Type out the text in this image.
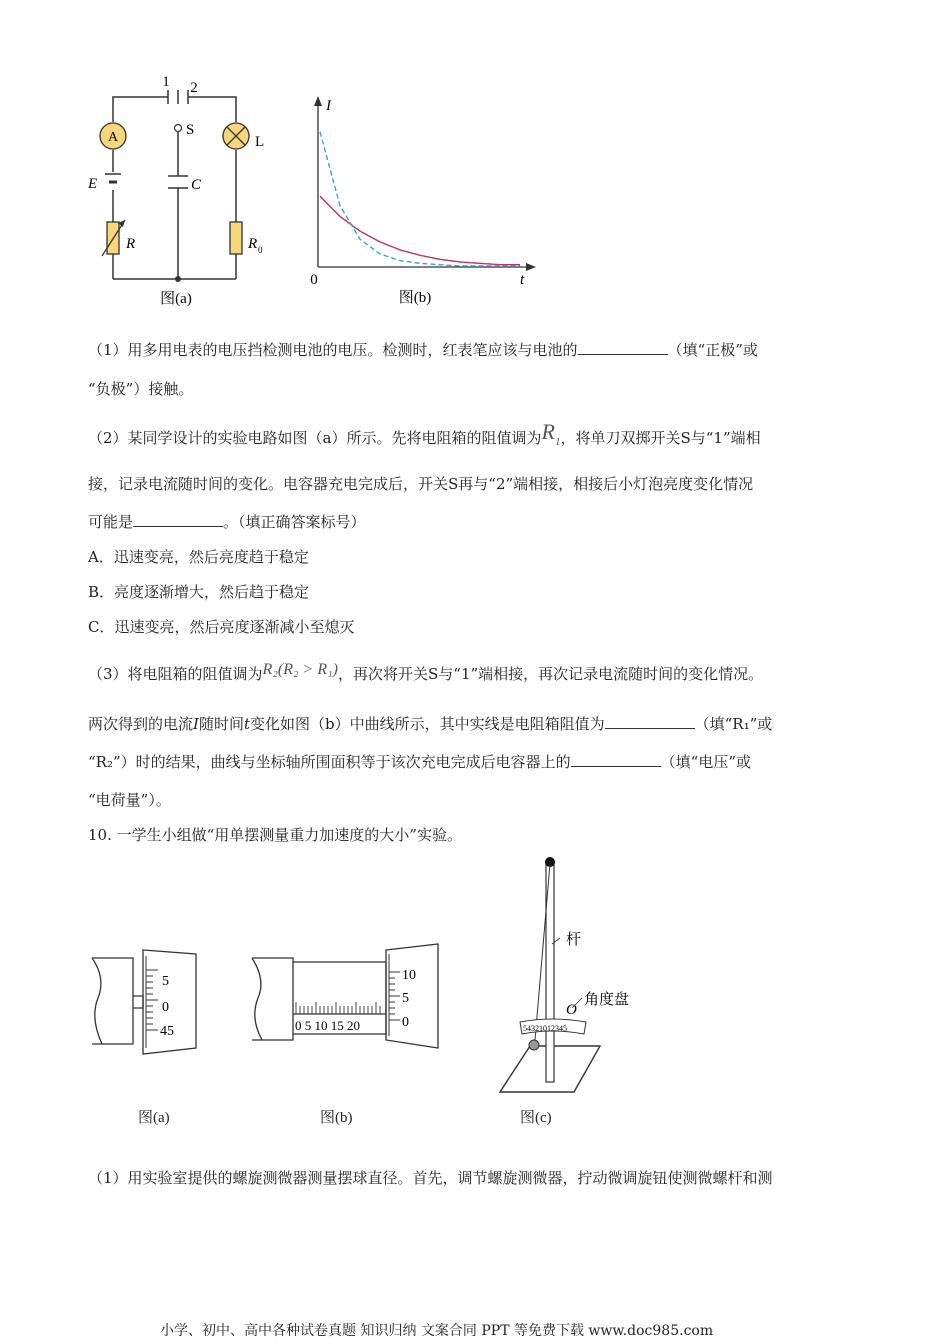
A
1 2
S
L
E	C
R	R 0
图(a)
I
t
0
图(b)
（1）用多用电表的电压挡检测电池的电压。检测时，红表笔应该与电池的	（填“正极”或
“负极”）接触。
（2）某同学设计的实验电路如图（a）所示。先将电阻箱的阻值调为R1，将单刀双掷开关S与“1”端相
接，记录电流随时间的变化。电容器充电完成后，开关S再与“2”端相接，相接后小灯泡亮度变化情况
可能是	。（填正确答案标号）
A．迅速变亮，然后亮度趋于稳定
B．亮度逐渐增大，然后趋于稳定
C．迅速变亮，然后亮度逐渐减小至熄灭
（3）将电阻箱的阻值调为R₂(R₂ > R₁)，再次将开关S与“1”端相接，再次记录电流随时间的变化情况。
两次得到的电流I随时间t变化如图（b）中曲线所示，其中实线是电阻箱阻值为	（填“R₁”或
“R₂”）时的结果，曲线与坐标轴所围面积等于该次充电完成后电容器上的	（填“电压”或
“电荷量”）。
10. 一学生小组做“用单摆测量重力加速度的大小”实验。
5
0
45
10
5
0
0 5 10 15 20	54321012345
杆
O
角度盘
图(a)	图(b)	图(c)
（1）用实验室提供的螺旋测微器测量摆球直径。首先，调节螺旋测微器，拧动微调旋钮使测微螺杆和测
小学、初中、高中各种试卷真题 知识归纳 文案合同 PPT 等免费下载 www.doc985.com
